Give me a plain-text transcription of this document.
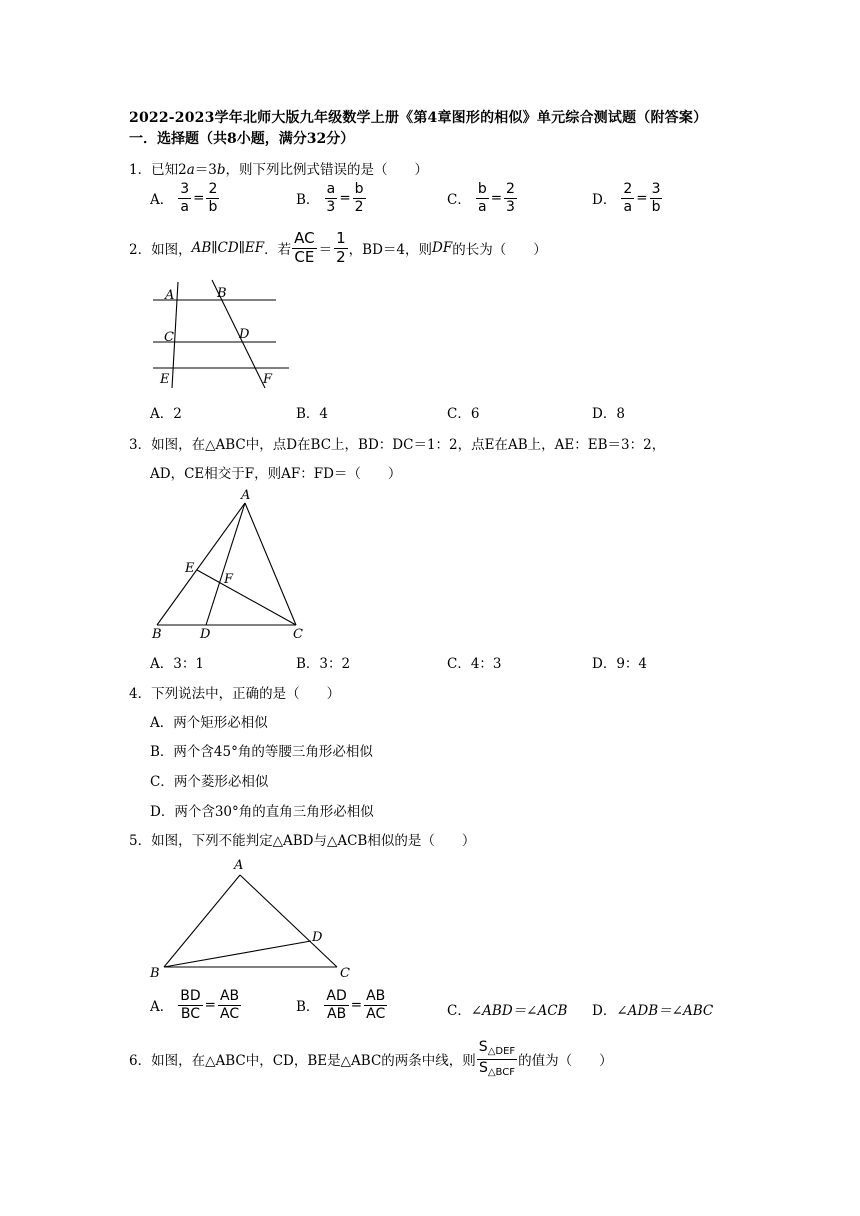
2022-2023学年北师大版九年级数学上册《第4章图形的相似》单元综合测试题（附答案）
一．选择题（共8小题，满分32分）
1．已知2a＝3b，则下列比例式错误的是（　　）
A． $\frac{3}{a} = \frac{2}{b}$	B． $\frac{a}{3} = \frac{b}{2}$	C． $\frac{b}{a} = \frac{2}{3}$	D． $\frac{2}{a} = \frac{3}{b}$
2． 如图， AB∥CD∥EF ．若 $\frac{AC}{CE} = \frac{1}{2}$ ，BD＝4，则 DF 的长为（　　）
A	B
C	D
E	F
A．2	B．4	C．6	D．8
3．如图，在△ABC中，点D在BC上，BD：DC＝1：2，点E在AB上，AE：EB＝3：2，
AD，CE相交于F，则AF：FD＝（　　）
A
E
F
B	D	C
A．3：1	B．3：2	C．4：3	D．9：4
4．下列说法中，正确的是（　　）
A．两个矩形必相似
B．两个含45°角的等腰三角形必相似
C．两个菱形必相似
D．两个含30°角的直角三角形必相似
5．如图，下列不能判定△ABD与△ACB相似的是（　　）
A
D
B	C
A． $\frac{BD}{BC} = \frac{AB}{AC}$	B． $\frac{AD}{AB} = \frac{AB}{AC}$	C．∠ABD＝∠ACB D．∠ADB＝∠ABC
6． 如图，在△ABC中，CD，BE是△ABC的两条中线，则 $\frac{S_{\triangle DEF}}{S_{\triangle BCF}}$ 的值为（　　）
